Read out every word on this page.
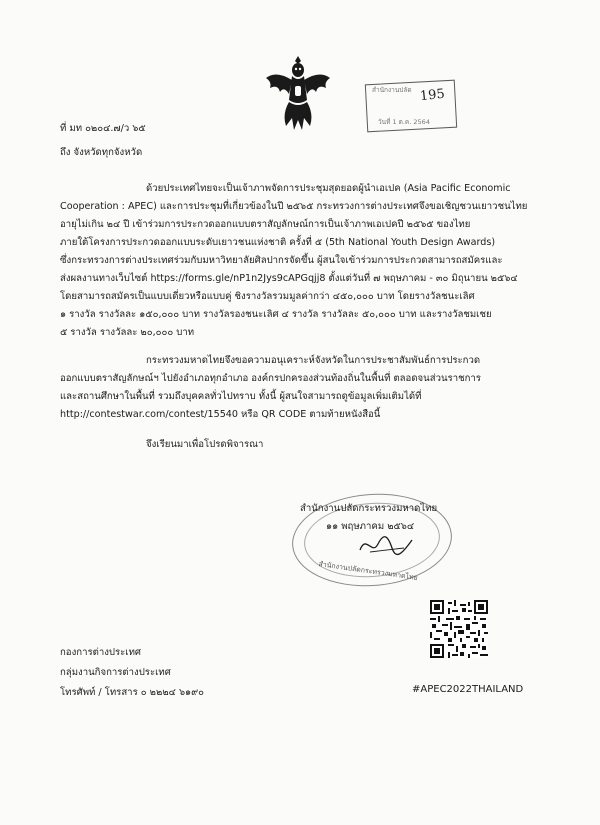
สำนักงานปลัด 195
วันที่ 1 ต.ค. 2564
ที่ มท ๐๒๐๔.๗/ว ๖๕
ถึง จังหวัดทุกจังหวัด
ด้วยประเทศไทยจะเป็นเจ้าภาพจัดการประชุมสุดยอดผู้นำเอเปค (Asia Pacific Economic
Cooperation : APEC) และการประชุมที่เกี่ยวข้องในปี ๒๕๖๕ กระทรวงการต่างประเทศจึงขอเชิญชวนเยาวชนไทย
อายุไม่เกิน ๒๔ ปี เข้าร่วมการประกวดออกแบบตราสัญลักษณ์การเป็นเจ้าภาพเอเปคปี ๒๕๖๕ ของไทย
ภายใต้โครงการประกวดออกแบบระดับเยาวชนแห่งชาติ ครั้งที่ ๕ (5th National Youth Design Awards)
ซึ่งกระทรวงการต่างประเทศร่วมกับมหาวิทยาลัยศิลปากรจัดขึ้น ผู้สนใจเข้าร่วมการประกวดสามารถสมัครและ
ส่งผลงานทางเว็บไซต์ https://forms.gle/nP1n2Jys9cAPGqjj8 ตั้งแต่วันที่ ๗ พฤษภาคม - ๓๐ มิถุนายน ๒๕๖๔
โดยสามารถสมัครเป็นแบบเดี่ยวหรือแบบคู่ ชิงรางวัลรวมมูลค่ากว่า ๔๕๐,๐๐๐ บาท โดยรางวัลชนะเลิศ
๑ รางวัล รางวัลละ ๑๕๐,๐๐๐ บาท รางวัลรองชนะเลิศ ๔ รางวัล รางวัลละ ๕๐,๐๐๐ บาท และรางวัลชมเชย
๕ รางวัล รางวัลละ ๒๐,๐๐๐ บาท
กระทรวงมหาดไทยจึงขอความอนุเคราะห์จังหวัดในการประชาสัมพันธ์การประกวด
ออกแบบตราสัญลักษณ์ฯ ไปยังอำเภอทุกอำเภอ องค์กรปกครองส่วนท้องถิ่นในพื้นที่ ตลอดจนส่วนราชการ
และสถานศึกษาในพื้นที่ รวมถึงบุคคลทั่วไปทราบ ทั้งนี้ ผู้สนใจสามารถดูข้อมูลเพิ่มเติมได้ที่
http://contestwar.com/contest/15540 หรือ QR CODE ตามท้ายหนังสือนี้
จึงเรียนมาเพื่อโปรดพิจารณา
สำนักงานปลัดกระทรวงมหาดไทย
๑๑ พฤษภาคม ๒๕๖๔
สำนักงานปลัดกระทรวงมหาดไทย
กองการต่างประเทศ
กลุ่มงานกิจการต่างประเทศ
โทรศัพท์ / โทรสาร ๐ ๒๒๒๔ ๖๑๙๐	#APEC2022THAILAND
